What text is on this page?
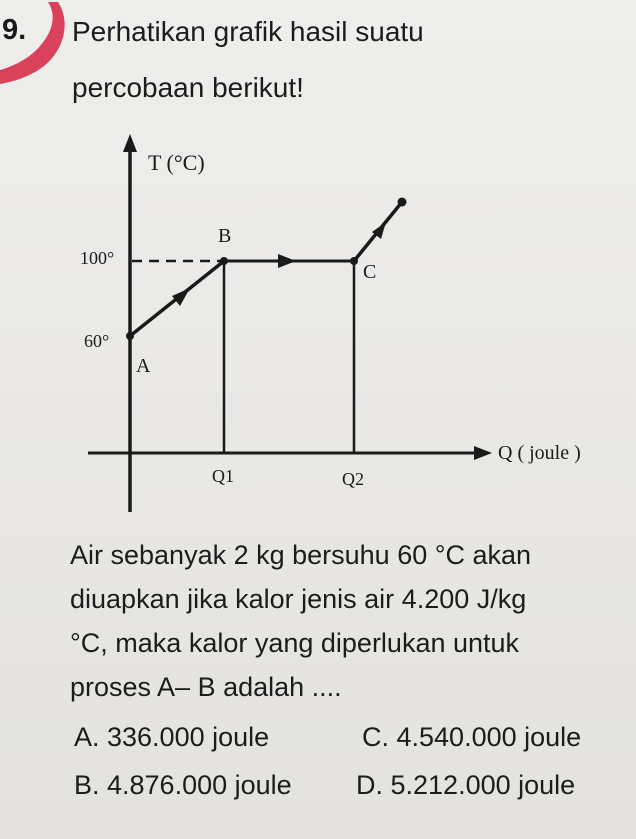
9. Perhatikan grafik hasil suatu
percobaan berikut!
T (°C)
100°
60°
A
B
C
Q1	Q2
Q ( joule )
Air sebanyak 2 kg bersuhu 60 °C akan
diuapkan jika kalor jenis air 4.200 J/kg
°C, maka kalor yang diperlukan untuk
proses A– B adalah ....
A. 336.000 joule	C. 4.540.000 joule
B. 4.876.000 joule D. 5.212.000 joule
